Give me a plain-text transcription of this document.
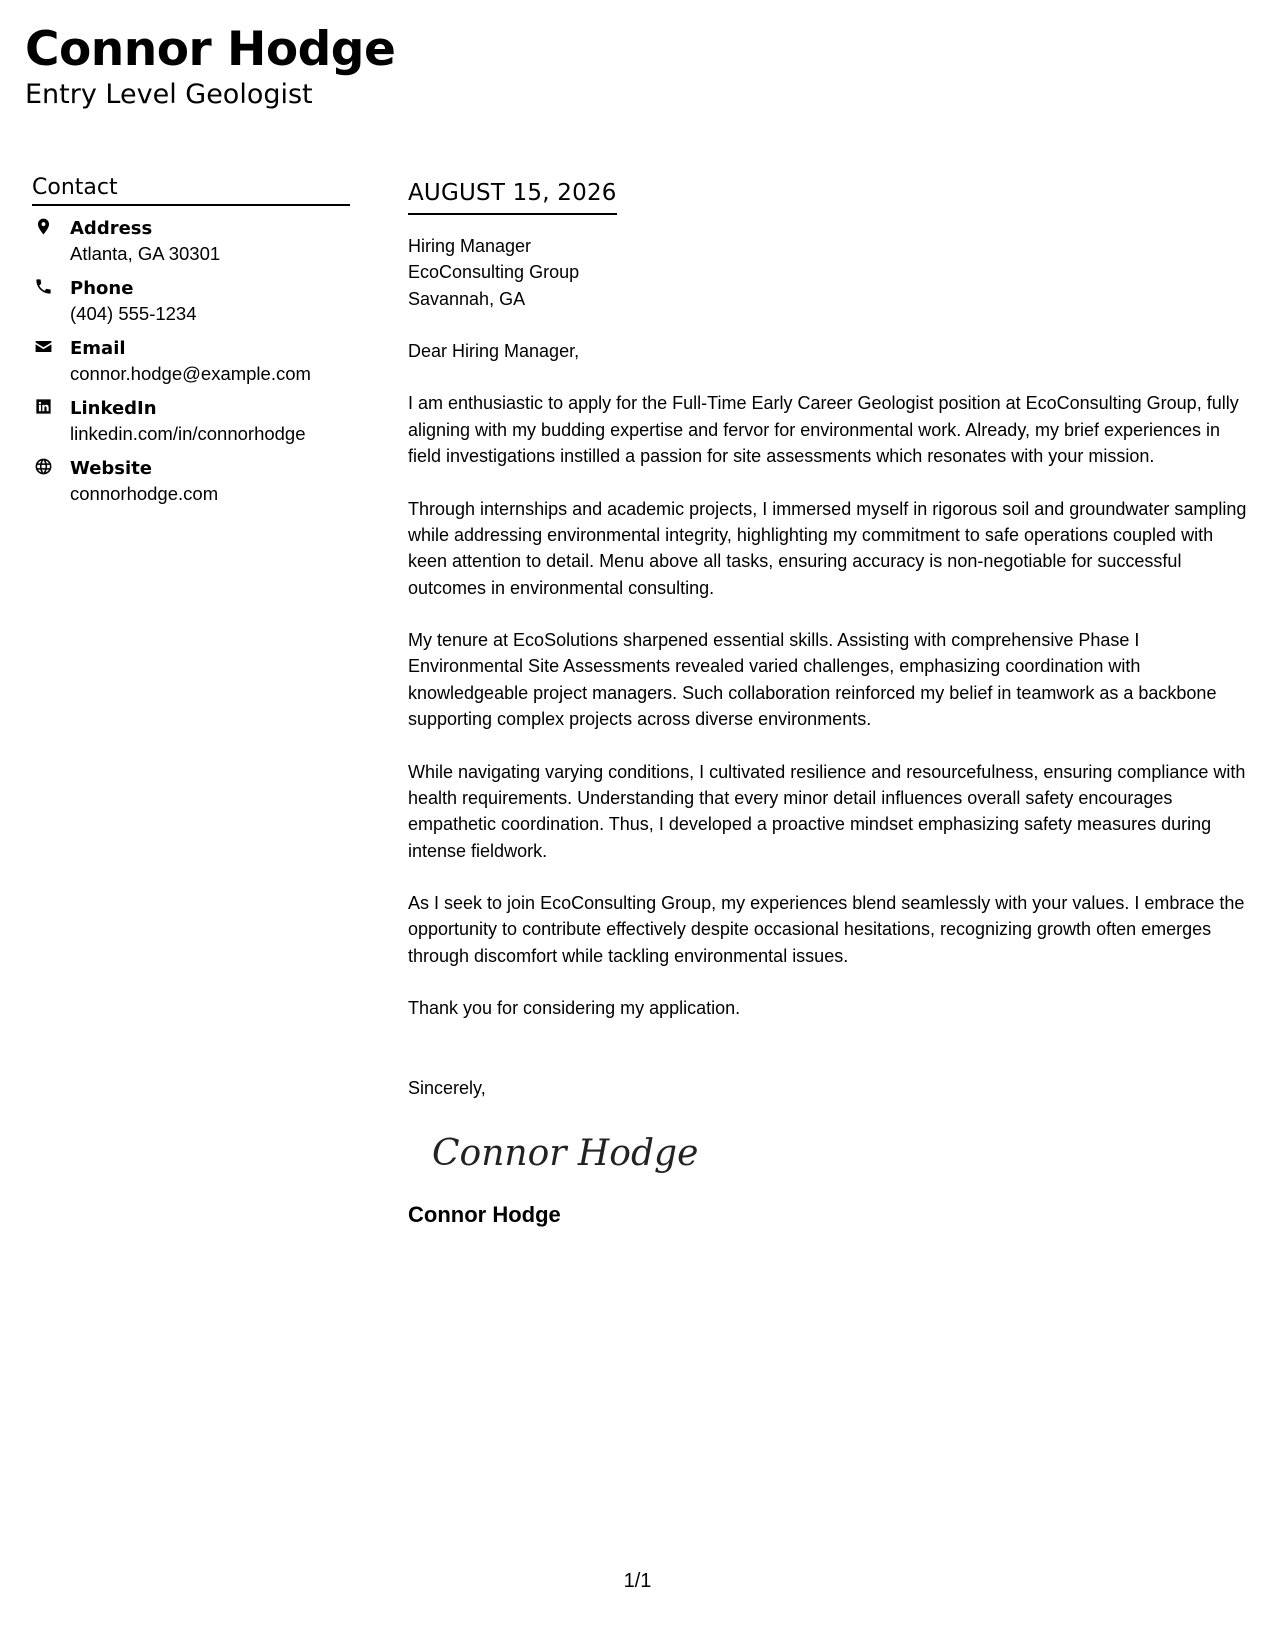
Connor Hodge

Entry Level Geologist

Contact
Address
Atlanta, GA 30301
Phone
(404) 555-1234
Email
connor.hodge@example.com
LinkedIn
linkedin.com/in/connorhodge
Website
connorhodge.com
AUGUST 15, 2026
Hiring Manager
EcoConsulting Group
Savannah, GA

Dear Hiring Manager,

I am enthusiastic to apply for the Full-Time Early Career Geologist position at EcoConsulting Group, fully aligning with my budding expertise and fervor for environmental work. Already, my brief experiences in field investigations instilled a passion for site assessments which resonates with your mission.

Through internships and academic projects, I immersed myself in rigorous soil and groundwater sampling while addressing environmental integrity, highlighting my commitment to safe operations coupled with keen attention to detail. Menu above all tasks, ensuring accuracy is non-negotiable for successful outcomes in environmental consulting.

My tenure at EcoSolutions sharpened essential skills. Assisting with comprehensive Phase I Environmental Site Assessments revealed varied challenges, emphasizing coordination with knowledgeable project managers. Such collaboration reinforced my belief in teamwork as a backbone supporting complex projects across diverse environments.

While navigating varying conditions, I cultivated resilience and resourcefulness, ensuring compliance with health requirements. Understanding that every minor detail influences overall safety encourages empathetic coordination. Thus, I developed a proactive mindset emphasizing safety measures during intense fieldwork.

As I seek to join EcoConsulting Group, my experiences blend seamlessly with your values. I embrace the opportunity to contribute effectively despite occasional hesitations, recognizing growth often emerges through discomfort while tackling environmental issues.

Thank you for considering my application.

Sincerely,
Connor Hodge
Connor Hodge
1/1
